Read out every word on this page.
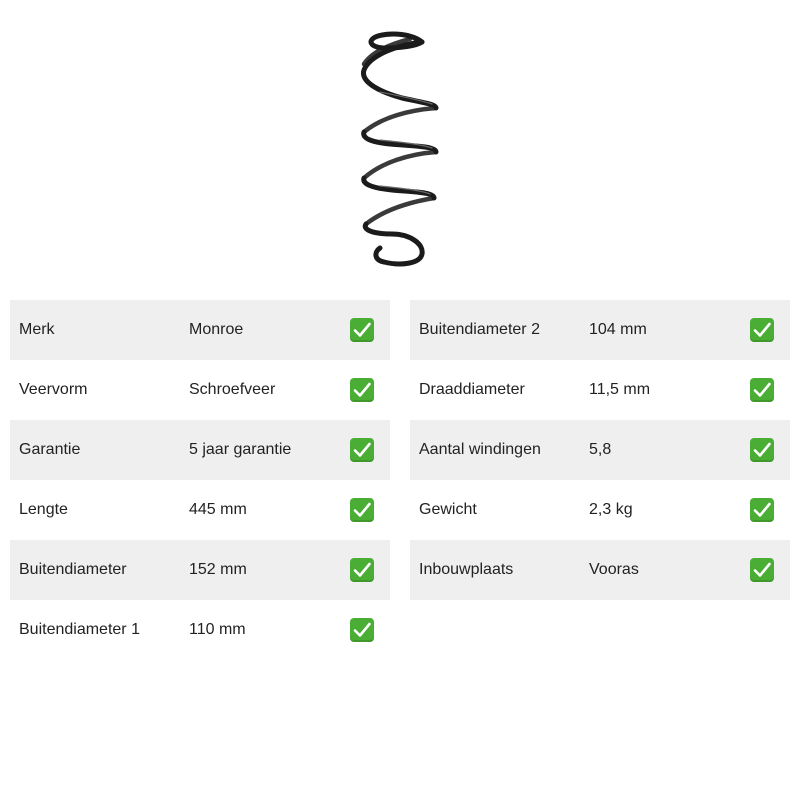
Merk	Monroe
Veervorm	Schroefveer
Garantie	5 jaar garantie
Lengte	445 mm
Buitendiameter	152 mm
Buitendiameter 1	110 mm
Buitendiameter 2	104 mm
Draaddiameter	11,5 mm
Aantal windingen	5,8
Gewicht	2,3 kg
Inbouwplaats	Vooras
